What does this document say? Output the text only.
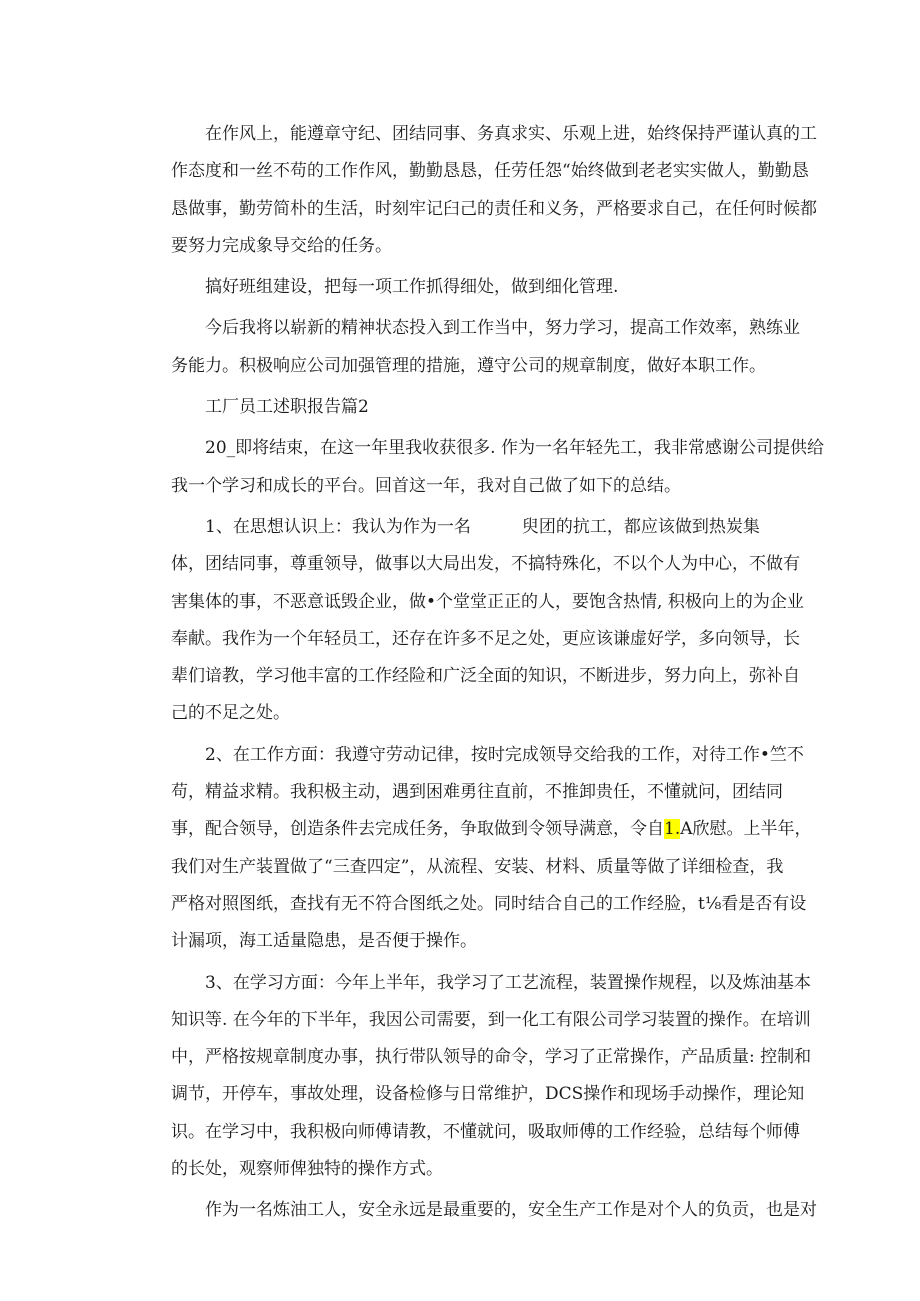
在作风上，能遵章守纪、团结同事、务真求实、乐观上进，始终保持严谨认真的工
作态度和一丝不苟的工作作风，勤勤恳恳，任劳任怨“始终做到老老实实做人，勤勤恳
恳做事，勤劳简朴的生活，时刻牢记臼己的责任和义务，严格要求自己，在任何时候都
要努力完成象导交给的任务。
搞好班组建设，把每一项工作抓得细处，做到细化管理.
今后我将以崭新的精神状态投入到工作当中，努力学习，提高工作效率，熟练业
务能力。积极响应公司加强管理的措施，遵守公司的规章制度，做好本职工作。
工厂员工述职报告篇2
20_即将结束，在这一年里我收获很多. 作为一名年轻先工，我非常感谢公司提供给
我一个学习和成长的平台。回首这一年，我对自己做了如下的总结。
1、在思想认识上：我认为作为一名　　　臾团的抗工，都应该做到热炭集
体，团结同事，尊重领导，做事以大局出发，不搞特殊化，不以个人为中心，不做有
害集体的事，不恶意诋毁企业，做•个堂堂正正的人，要饱含热情, 积极向上的为企业
奉献。我作为一个年轻员工，还存在许多不足之处，更应该谦虚好学，多向领导，长
辈们谙教，学习他丰富的工作经险和广泛全面的知识，不断进步，努力向上，弥补自
己的不足之处。
2、在工作方面：我遵守劳动记律，按时完成领导交给我的工作，对待工作•竺不
苟，精益求精。我积极主动，遇到困难勇往直前，不推卸贵任，不懂就问，团结同
事，配合领导，创造条件去完成任务，争取做到令领导满意，令自1.A欣慰。上半年，
我们对生产装置做了“三查四定”，从流程、安装、材料、质量等做了详细检查，我
严格对照图纸，查找有无不符合图纸之处。同时结合自己的工作经脸，t⅛看是否有设
计漏项，海工适量隐患，是否便于操作。
3、在学习方面：今年上半年，我学习了工艺流程，装置操作规程，以及炼油基本
知识等. 在今年的下半年，我因公司需要，到一化工有限公司学习装置的操作。在培训
中，严格按规章制度办事，执行带队领导的命令，学习了正常操作，产品质量: 控制和
调节，开停车，事故处理，设备检修与日常维护，DCS操作和现场手动操作，理论知
识。在学习中，我积极向师傅请教，不懂就问，吸取师傅的工作经验，总结每个师傅
的长处，观察师俾独特的操作方式。
作为一名炼油工人，安全永远是最重要的，安全生产工作是对个人的负贡，也是对
